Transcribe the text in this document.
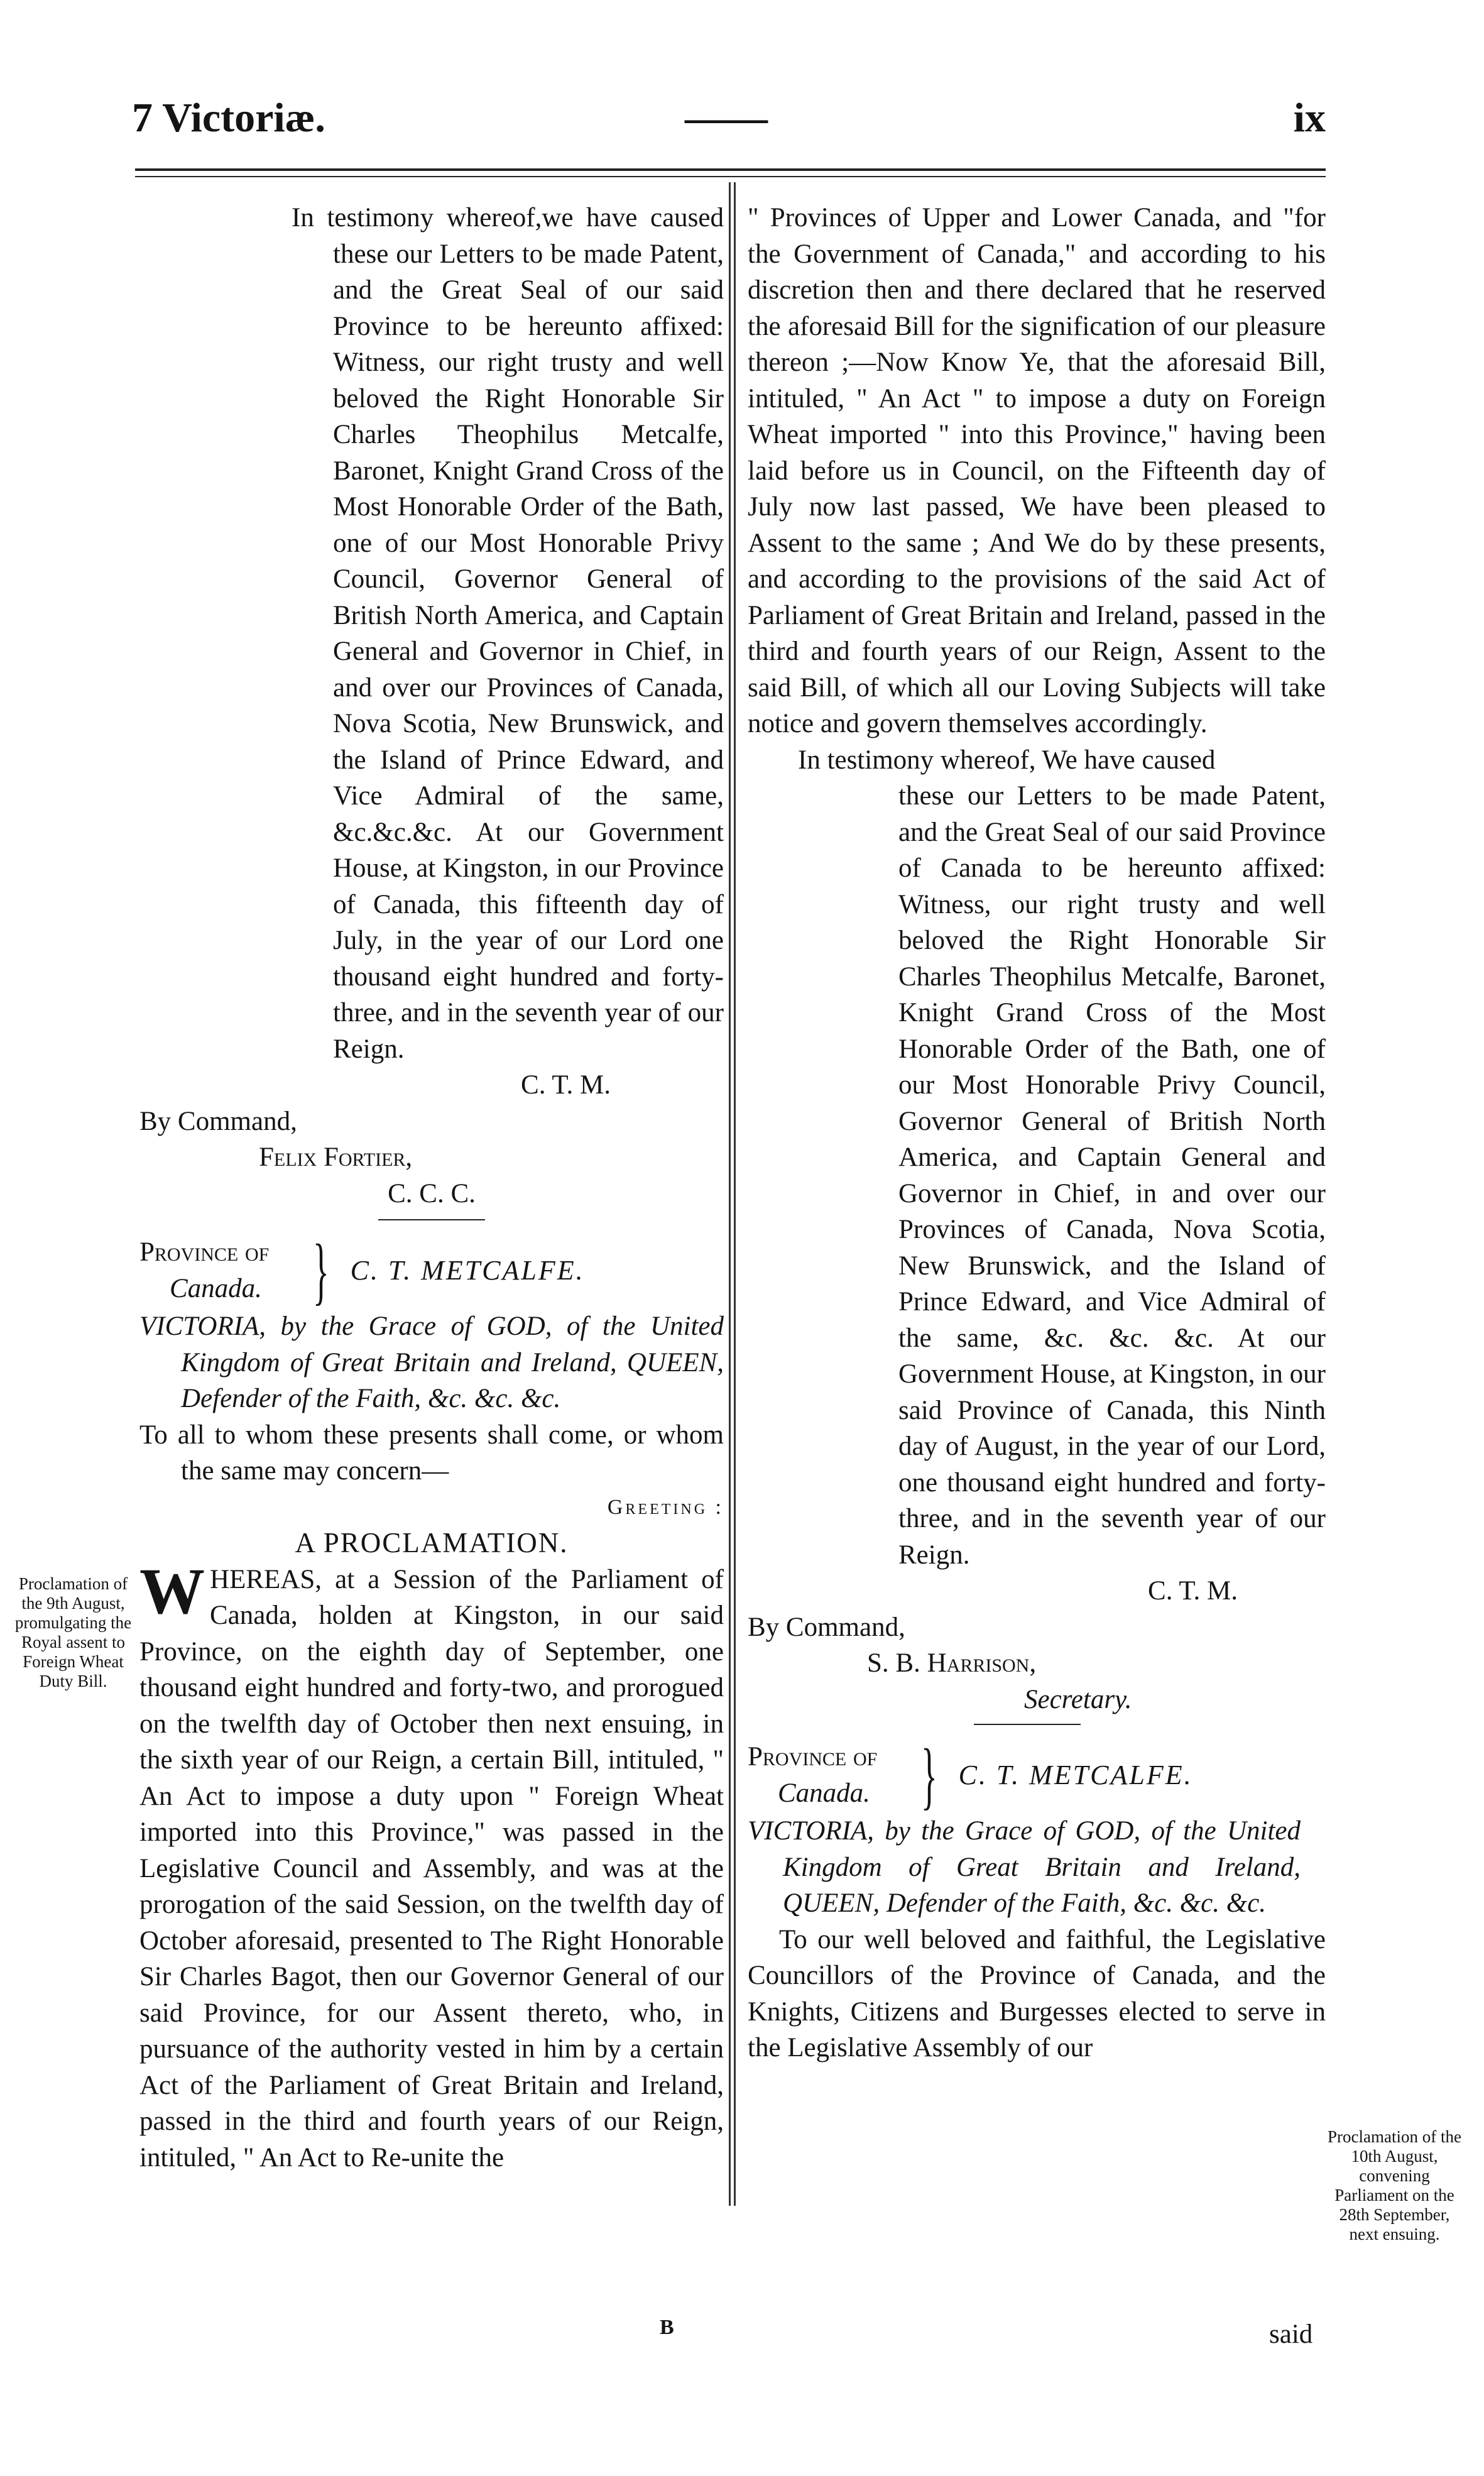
7 Victoriæ.	——	ix

In testimony whereof,we have caused these our Letters to be made Patent, and the Great Seal of our said Province to be hereunto affixed: Witness, our right trusty and well beloved the Right Honorable Sir Charles Theophilus Metcalfe, Baronet, Knight Grand Cross of the Most Honorable Order of the Bath, one of our Most Honorable Privy Council, Governor General of British North America, and Captain General and Governor in Chief, in and over our Provinces of Canada, Nova Scotia, New Brunswick, and the Island of Prince Edward, and Vice Admiral of the same, &c.&c.&c. At our Government House, at Kingston, in our Province of Canada, this fifteenth day of July, in the year of our Lord one thousand eight hundred and forty-three, and in the seventh year of our Reign.

C. T. M.

By Command,

Felix Fortier,

C. C. C.

Province of
Canada. } C. T. METCALFE.

VICTORIA, by the Grace of GOD, of the United Kingdom of Great Britain and Ireland, QUEEN, Defender of the Faith, &c. &c. &c.

To all to whom these presents shall come, or whom the same may concern—

Greeting :

A PROCLAMATION.

WHEREAS, at a Session of the Parliament of Canada, holden at Kingston, in our said Province, on the eighth day of September, one thousand eight hundred and forty-two, and prorogued on the twelfth day of October then next ensuing, in the sixth year of our Reign, a certain Bill, intituled, " An Act to impose a duty upon " Foreign Wheat imported into this Province," was passed in the Legislative Council and Assembly, and was at the prorogation of the said Session, on the twelfth day of October aforesaid, presented to The Right Honorable Sir Charles Bagot, then our Governor General of our said Province, for our Assent thereto, who, in pursuance of the authority vested in him by a certain Act of the Parliament of Great Britain and Ireland, passed in the third and fourth years of our Reign, intituled, " An Act to Re-unite the

" Provinces of Upper and Lower Canada, and "for the Government of Canada," and according to his discretion then and there declared that he reserved the aforesaid Bill for the signification of our pleasure thereon ;—Now Know Ye, that the aforesaid Bill, intituled, " An Act " to impose a duty on Foreign Wheat imported " into this Province," having been laid before us in Council, on the Fifteenth day of July now last passed, We have been pleased to Assent to the same ; And We do by these presents, and according to the provisions of the said Act of Parliament of Great Britain and Ireland, passed in the third and fourth years of our Reign, Assent to the said Bill, of which all our Loving Subjects will take notice and govern themselves accordingly.

In testimony whereof, We have caused

these our Letters to be made Patent, and the Great Seal of our said Province of Canada to be hereunto affixed: Witness, our right trusty and well beloved the Right Honorable Sir Charles Theophilus Metcalfe, Baronet, Knight Grand Cross of the Most Honorable Order of the Bath, one of our Most Honorable Privy Council, Governor General of British North America, and Captain General and Governor in Chief, in and over our Provinces of Canada, Nova Scotia, New Brunswick, and the Island of Prince Edward, and Vice Admiral of the same, &c. &c. &c. At our Government House, at Kingston, in our said Province of Canada, this Ninth day of August, in the year of our Lord, one thousand eight hundred and forty-three, and in the seventh year of our Reign.

C. T. M.

By Command,

S. B. Harrison,

Secretary.

Province of
Canada. } C. T. METCALFE.

VICTORIA, by the Grace of GOD, of the United Kingdom of Great Britain and Ireland, QUEEN, Defender of the Faith, &c. &c. &c.

To our well beloved and faithful, the Legislative Councillors of the Province of Canada, and the Knights, Citizens and Burgesses elected to serve in the Legislative Assembly of our

Proclamation of the 9th August, promulgating the Royal assent to Foreign Wheat Duty Bill.
Proclamation of the 10th August, convening Parliament on the 28th September, next ensuing.
B	said
